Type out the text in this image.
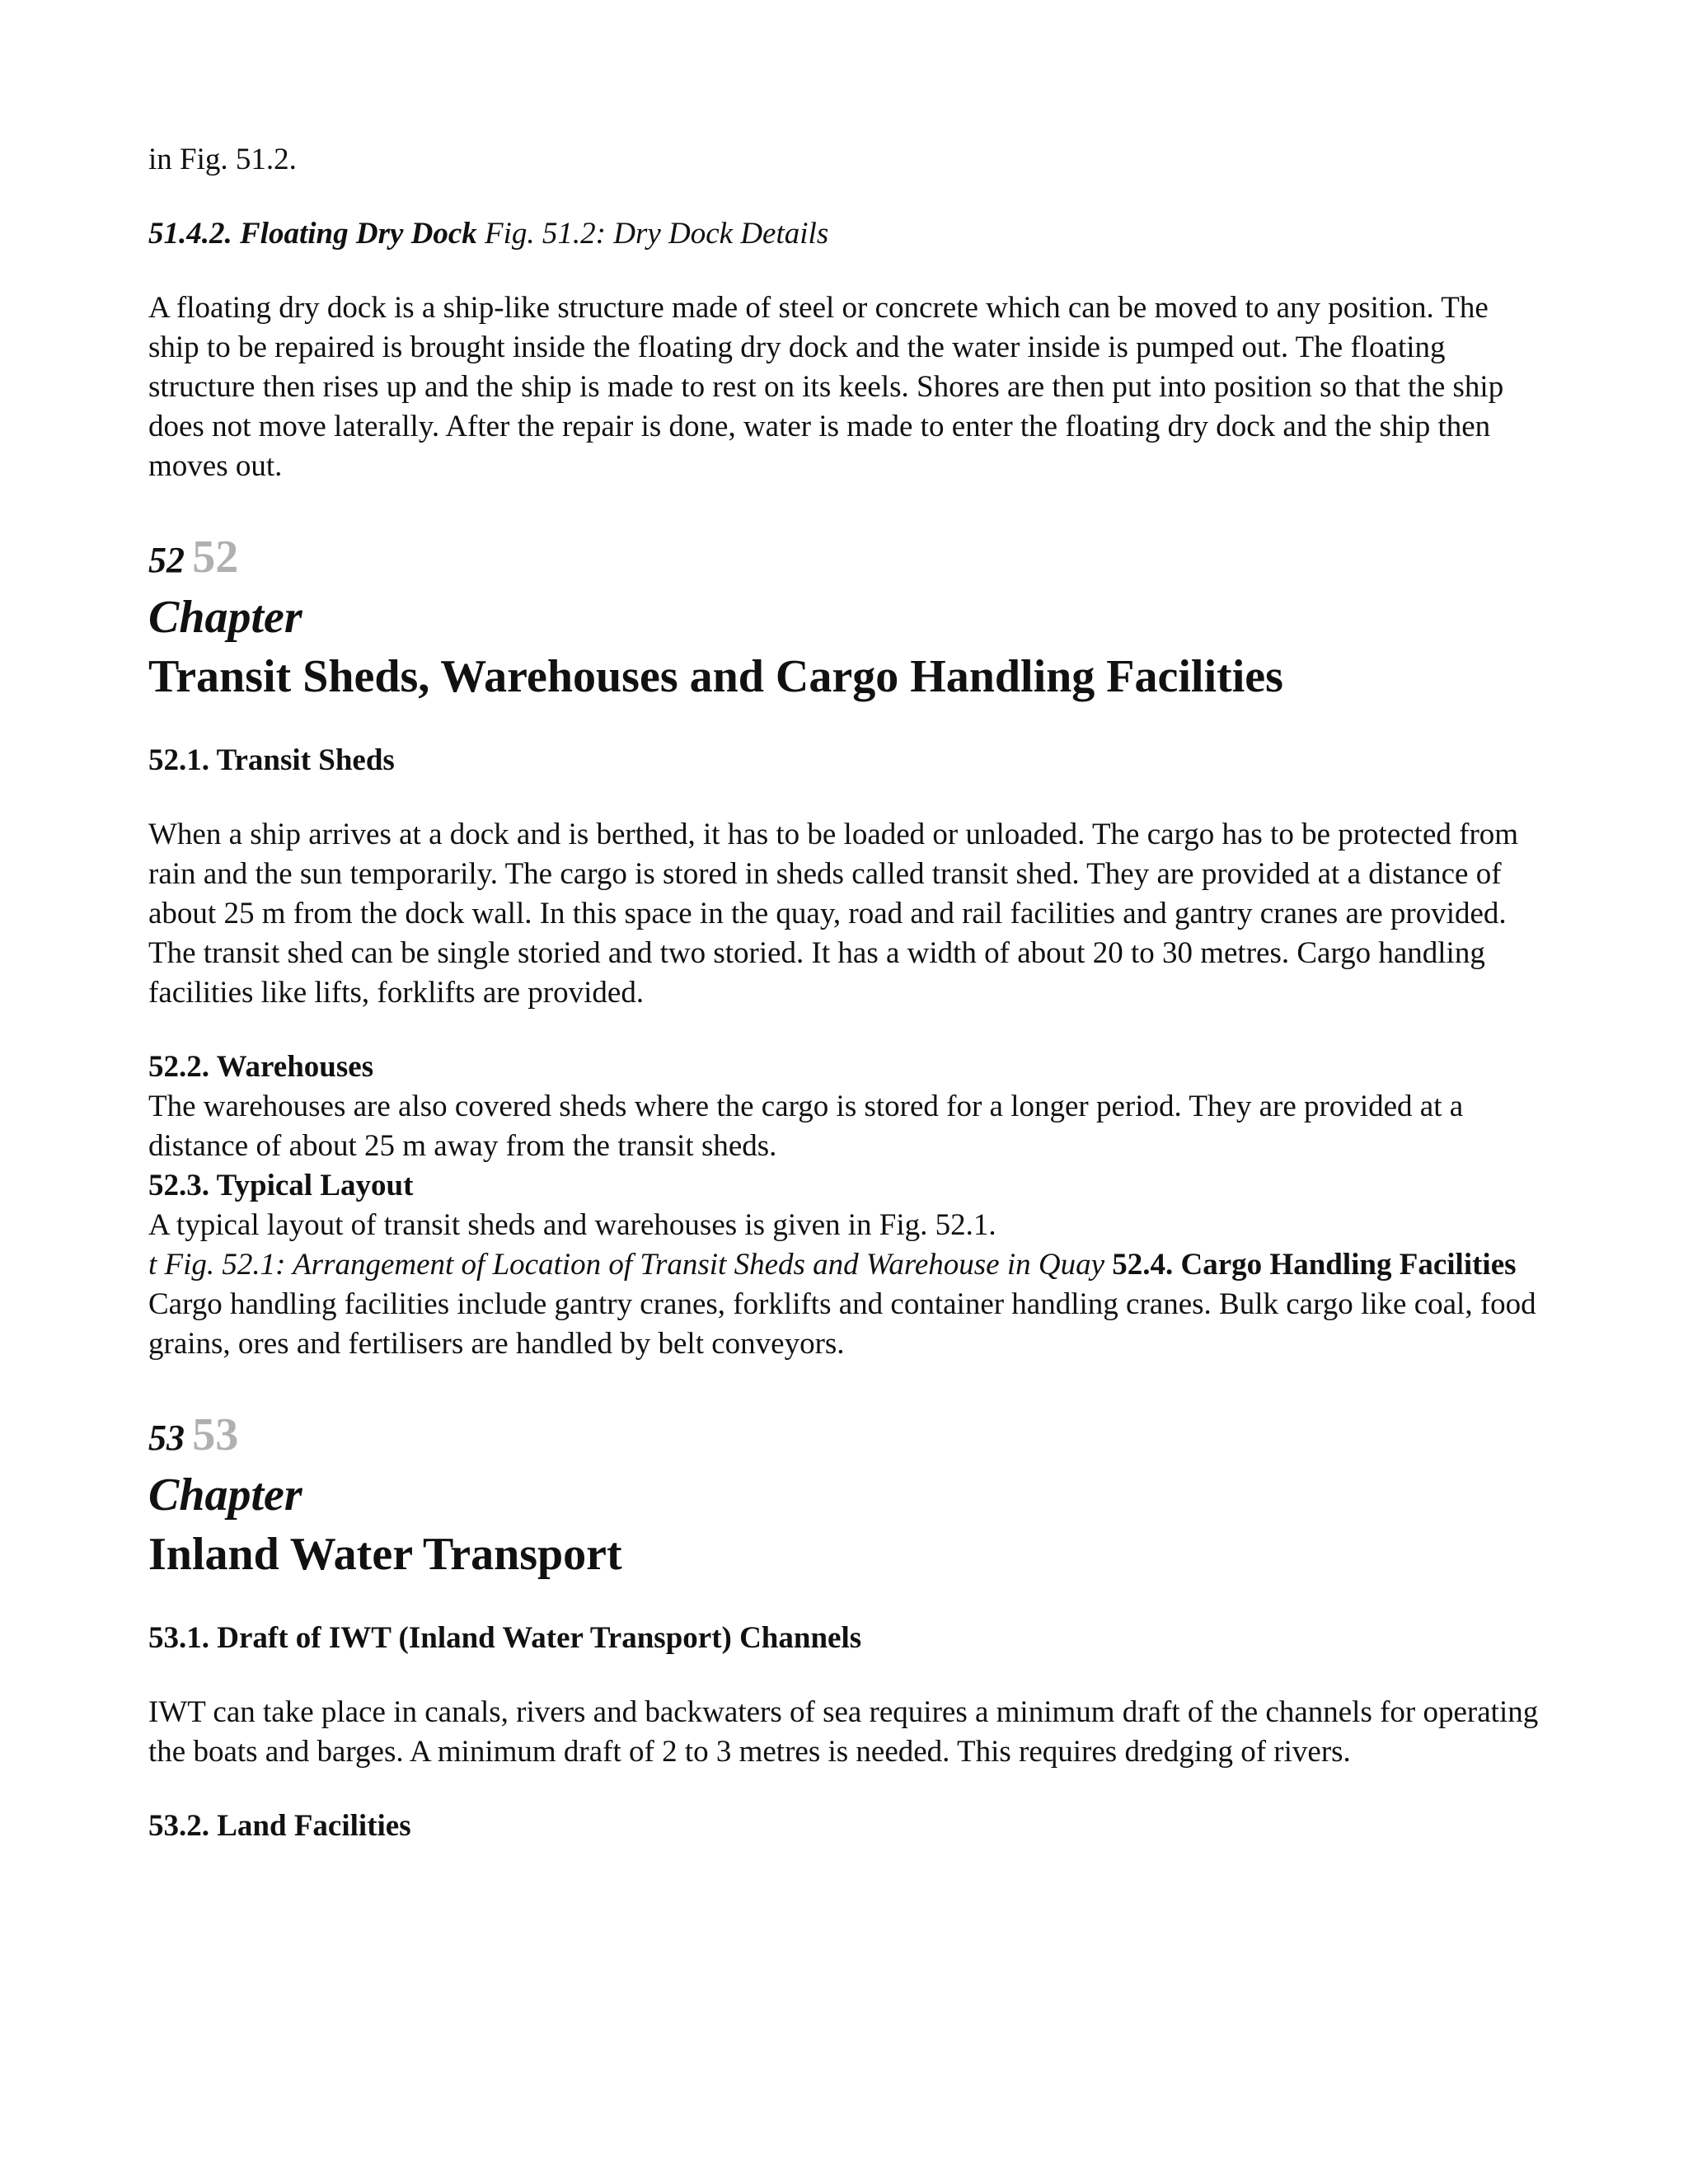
in Fig. 51.2.

51.4.2. Floating Dry Dock Fig. 51.2: Dry Dock Details

A floating dry dock is a ship-like structure made of steel or concrete which can be moved to any position. The ship to be repaired is brought inside the floating dry dock and the water inside is pumped out. The floating structure then rises up and the ship is made to rest on its keels. Shores are then put into position so that the ship does not move laterally. After the repair is done, water is made to enter the floating dry dock and the ship then moves out.

52 52

Chapter

Transit Sheds, Warehouses and Cargo Handling Facilities

52.1. Transit Sheds

When a ship arrives at a dock and is berthed, it has to be loaded or unloaded. The cargo has to be protected from rain and the sun temporarily. The cargo is stored in sheds called transit shed. They are provided at a distance of about 25 m from the dock wall. In this space in the quay, road and rail facilities and gantry cranes are provided. The transit shed can be single storied and two storied. It has a width of about 20 to 30 metres. Cargo handling facilities like lifts, forklifts are provided.

52.2. Warehouses

The warehouses are also covered sheds where the cargo is stored for a longer period. They are provided at a distance of about 25 m away from the transit sheds.

52.3. Typical Layout

A typical layout of transit sheds and warehouses is given in Fig. 52.1.

t Fig. 52.1: Arrangement of Location of Transit Sheds and Warehouse in Quay 52.4. Cargo Handling Facilities

Cargo handling facilities include gantry cranes, forklifts and container handling cranes. Bulk cargo like coal, food grains, ores and fertilisers are handled by belt conveyors.

53 53

Chapter

Inland Water Transport

53.1. Draft of IWT (Inland Water Transport) Channels

IWT can take place in canals, rivers and backwaters of sea requires a minimum draft of the channels for operating the boats and barges. A minimum draft of 2 to 3 metres is needed. This requires dredging of rivers.

53.2. Land Facilities
